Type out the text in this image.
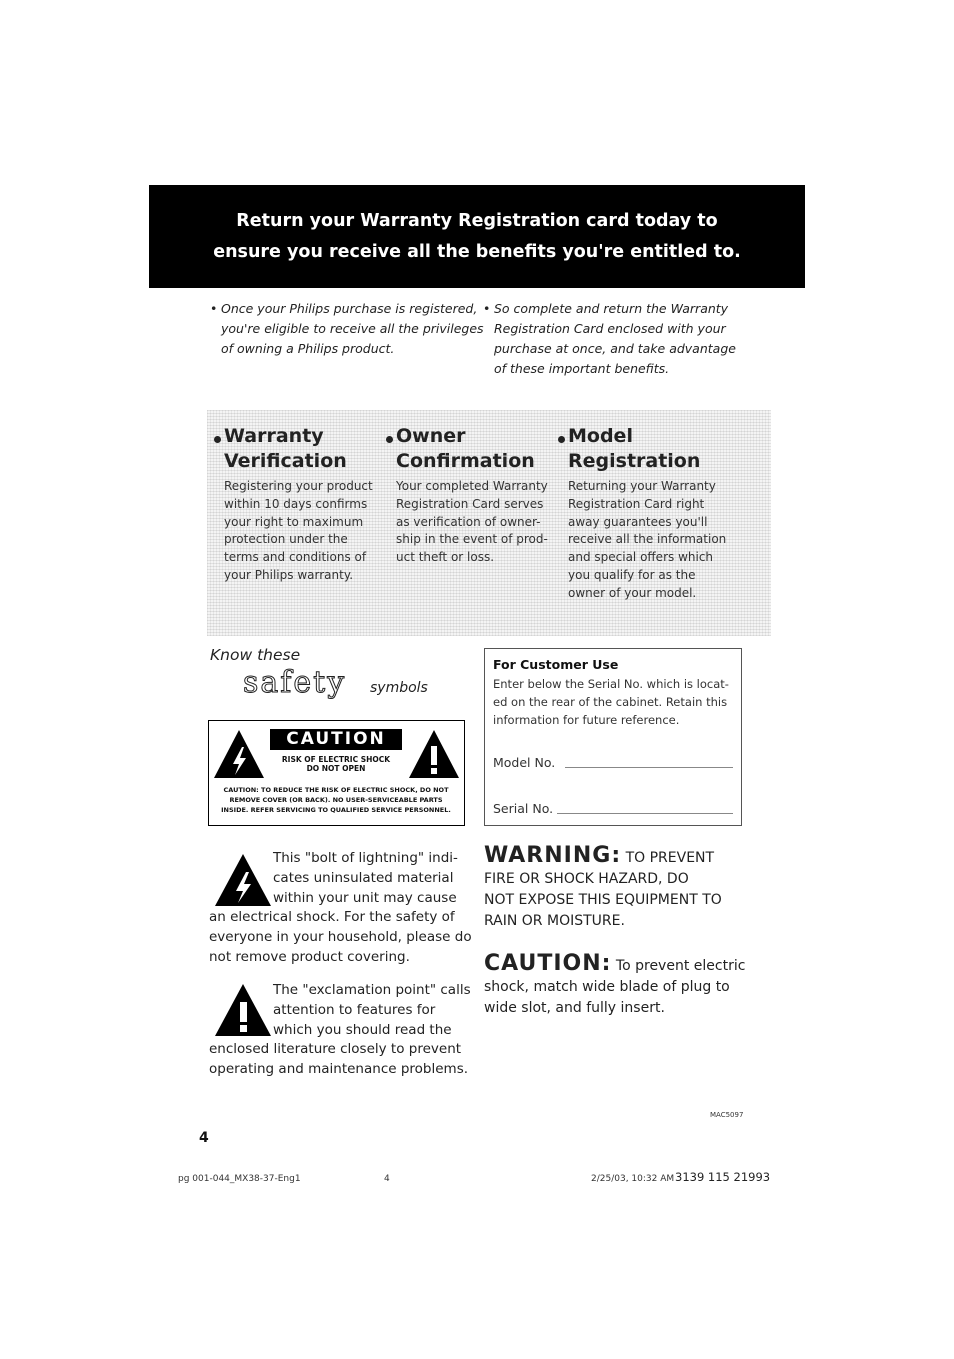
Return your Warranty Registration card today to
ensure you receive all the benefits you're entitled to.
• Once your Philips purchase is registered,
you're eligible to receive all the privileges
of owning a Philips product.
• So complete and return the Warranty
Registration Card enclosed with your
purchase at once, and take advantage
of these important benefits.
Warranty
Verification
Registering your product
within 10 days confirms
your right to maximum
protection under the
terms and conditions of
your Philips warranty.
Owner
Confirmation
Your completed Warranty
Registration Card serves
as verification of owner-
ship in the event of prod-
uct theft or loss.
Model
Registration
Returning your Warranty
Registration Card right
away guarantees you'll
receive all the information
and special offers which
you qualify for as the
owner of your model.
Know these
safety symbols
CAUTION
RISK OF ELECTRIC SHOCK
DO NOT OPEN
CAUTION: TO REDUCE THE RISK OF ELECTRIC SHOCK, DO NOT
REMOVE COVER (OR BACK). NO USER-SERVICEABLE PARTS
INSIDE. REFER SERVICING TO QUALIFIED SERVICE PERSONNEL.
For Customer Use
Enter below the Serial No. which is locat-
ed on the rear of the cabinet. Retain this
information for future reference.
Model No.
Serial No.
This "bolt of lightning" indi-
cates uninsulated material
within your unit may cause
an electrical shock. For the safety of
everyone in your household, please do
not remove product covering.
The "exclamation point" calls
attention to features for
which you should read the
enclosed literature closely to prevent
operating and maintenance problems.
WARNING: TO PREVENT
FIRE OR SHOCK HAZARD, DO
NOT EXPOSE THIS EQUIPMENT TO
RAIN OR MOISTURE.
CAUTION: To prevent electric
shock, match wide blade of plug to
wide slot, and fully insert.
MAC5097
4
pg 001-044_MX38-37-Eng1	4	2/25/03, 10:32 AM 3139 115 21993
